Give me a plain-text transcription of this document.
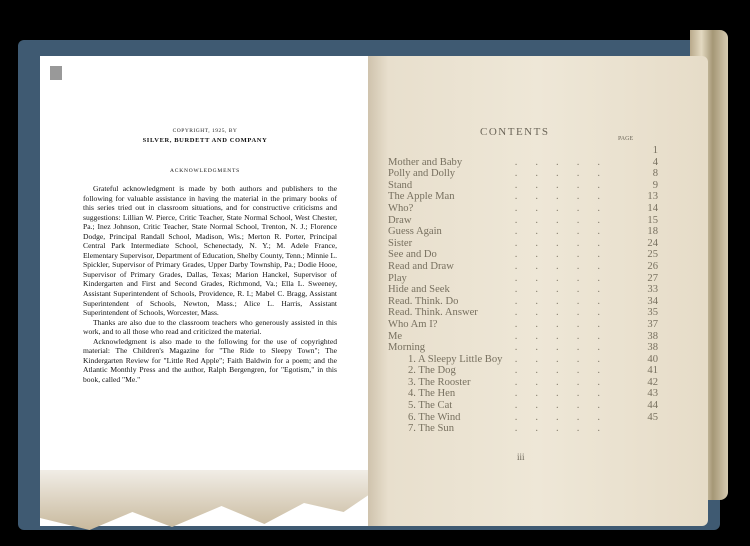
COPYRIGHT, 1925, BY
SILVER, BURDETT AND COMPANY
ACKNOWLEDGMENTS

Grateful acknowledgment is made by both authors and publishers to the following for valuable assistance in having the material in the primary books of this series tried out in classroom situations, and for constructive criticisms and suggestions: Lillian W. Pierce, Critic Teacher, State Normal School, West Chester, Pa.; Inez Johnson, Critic Teacher, State Normal School, Trenton, N. J.; Florence Dodge, Principal Randall School, Madison, Wis.; Merton R. Porter, Principal Central Park Intermediate School, Schenectady, N. Y.; M. Adele France, Elementary Supervisor, Department of Education, Shelby County, Tenn.; Minnie L. Spickler, Supervisor of Primary Grades, Upper Darby Township, Pa.; Dodie Hooe, Supervisor of Primary Grades, Dallas, Texas; Marion Hanckel, Supervisor of Kindergarten and First and Second Grades, Richmond, Va.; Ella L. Sweeney, Assistant Superintendent of Schools, Providence, R. I.; Mabel C. Bragg, Assistant Superintendent of Schools, Newton, Mass.; Alice L. Harris, Assistant Superintendent of Schools, Worcester, Mass.

Thanks are also due to the classroom teachers who generously assisted in this work, and to all those who read and criticized the material.

Acknowledgment is also made to the following for the use of copyrighted material: The Children's Magazine for "The Ride to Sleepy Town"; The Kindergarten Review for "Little Red Apple"; Faith Baldwin for a poem; and the Atlantic Monthly Press and the author, Ralph Bergengren, for "Egotism," in this book, called "Me."

CONTENTS
PAGE
1
Mother and Baby	.....	4
Polly and Dolly	.....	8
Stand	.....	9
The Apple Man	.....	13
Who?	.....	14
Draw	.....	15
Guess Again	.....	18
Sister	.....	24
See and Do	.....	25
Read and Draw	.....	26
Play	.....	27
Hide and Seek	.....	33
Read. Think. Do	.....	34
Read. Think. Answer	.....	35
Who Am I?	.....	37
Me	.....	38
Morning	.....	38
1. A Sleepy Little Boy .....	40
2. The Dog	.....	41
3. The Rooster	.....	42
4. The Hen	.....	43
5. The Cat	.....	44
6. The Wind	.....	45
7. The Sun	.....
iii
